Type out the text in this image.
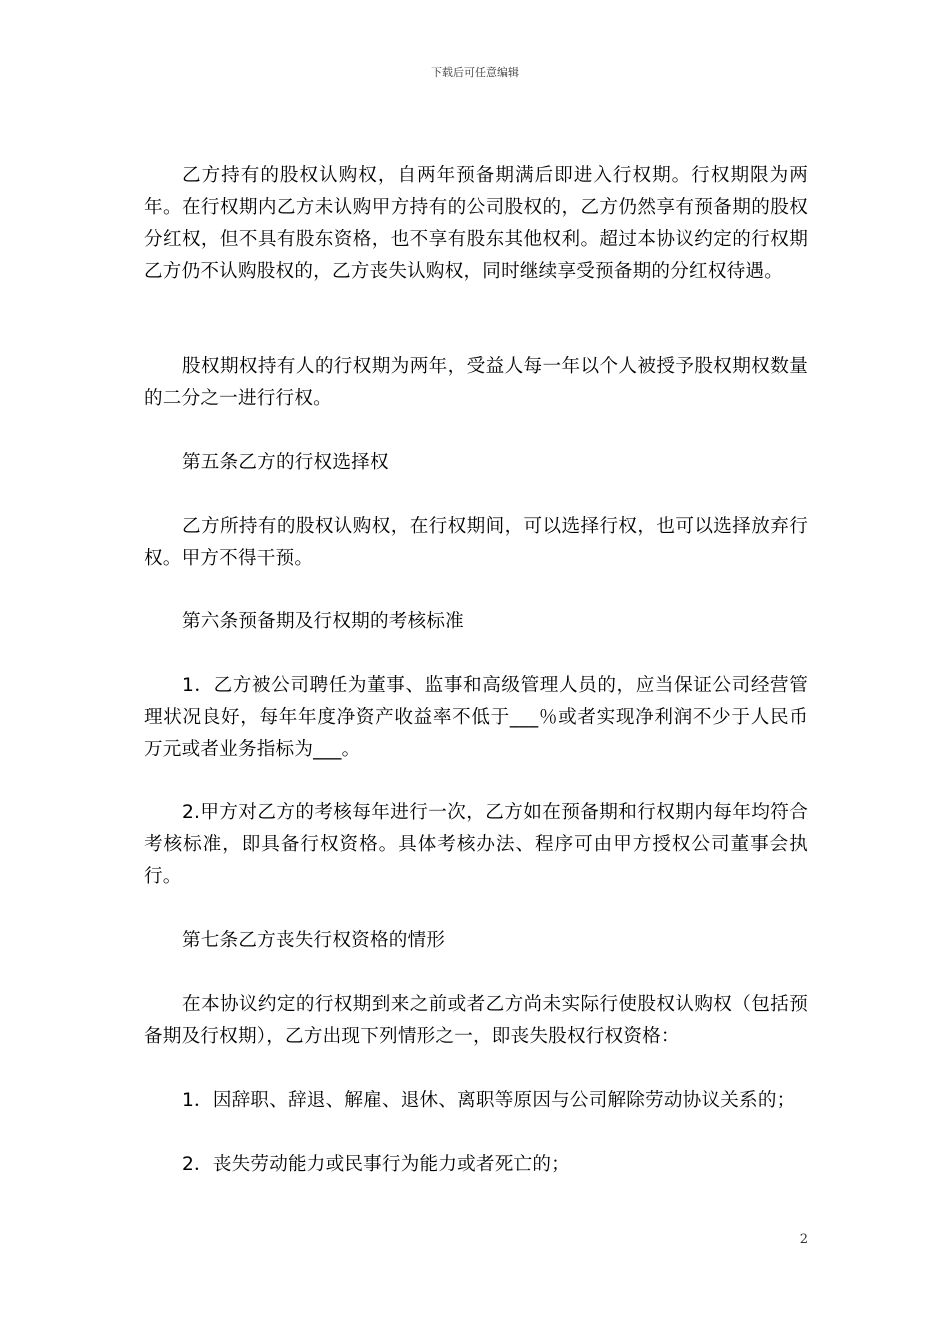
下载后可任意编辑

乙方持有的股权认购权，自两年预备期满后即进入行权期。行权期限为两年。在行权期内乙方未认购甲方持有的公司股权的，乙方仍然享有预备期的股权分红权，但不具有股东资格，也不享有股东其他权利。超过本协议约定的行权期乙方仍不认购股权的，乙方丧失认购权，同时继续享受预备期的分红权待遇。

股权期权持有人的行权期为两年，受益人每一年以个人被授予股权期权数量的二分之一进行行权。

第五条乙方的行权选择权

乙方所持有的股权认购权，在行权期间，可以选择行权，也可以选择放弃行权。甲方不得干预。

第六条预备期及行权期的考核标准

1．乙方被公司聘任为董事、监事和高级管理人员的，应当保证公司经营管理状况良好，每年年度净资产收益率不低于___％或者实现净利润不少于人民币万元或者业务指标为___。

2.甲方对乙方的考核每年进行一次，乙方如在预备期和行权期内每年均符合考核标准，即具备行权资格。具体考核办法、程序可由甲方授权公司董事会执行。

第七条乙方丧失行权资格的情形

在本协议约定的行权期到来之前或者乙方尚未实际行使股权认购权（包括预备期及行权期），乙方出现下列情形之一，即丧失股权行权资格：

1．因辞职、辞退、解雇、退休、离职等原因与公司解除劳动协议关系的；

2．丧失劳动能力或民事行为能力或者死亡的；

2
